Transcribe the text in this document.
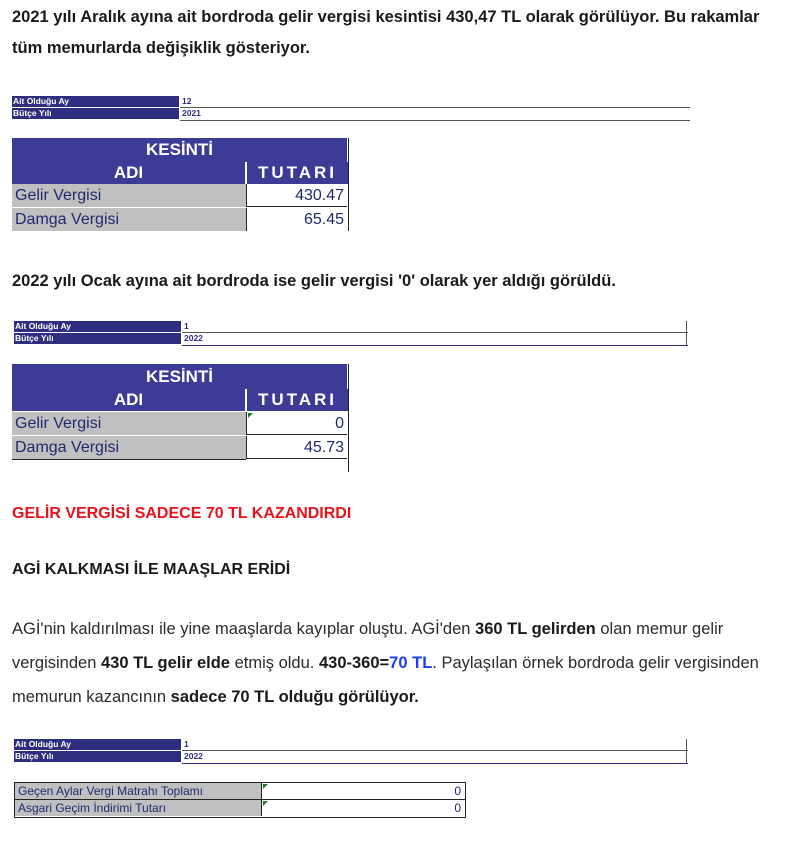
2021 yılı Aralık ayına ait bordroda gelir vergisi kesintisi 430,47 TL olarak görülüyor. Bu rakamlar tüm memurlarda değişiklik gösteriyor.
Ait Olduğu Ay	12
Bütçe Yılı	2021
KESİNTİ
ADI	TUTARI
Gelir Vergisi	430.47
Damga Vergisi	65.45
2022 yılı Ocak ayına ait bordroda ise gelir vergisi '0' olarak yer aldığı görüldü.
Ait Olduğu Ay	1
Bütçe Yılı	2022
KESİNTİ
ADI	TUTARI
Gelir Vergisi	0
Damga Vergisi	45.73
GELİR VERGİSİ SADECE 70 TL KAZANDIRDI
AGİ KALKMASI İLE MAAŞLAR ERİDİ
AGİ'nin kaldırılması ile yine maaşlarda kayıplar oluştu. AGİ'den 360 TL gelirden olan memur gelir vergisinden 430 TL gelir elde etmiş oldu. 430-360=70 TL. Paylaşılan örnek bordroda gelir vergisinden memurun kazancının sadece 70 TL olduğu görülüyor.
Ait Olduğu Ay	1
Bütçe Yılı	2022
Geçen Aylar Vergi Matrahı Toplamı	0
Asgari Geçim İndirimi Tutarı	0
